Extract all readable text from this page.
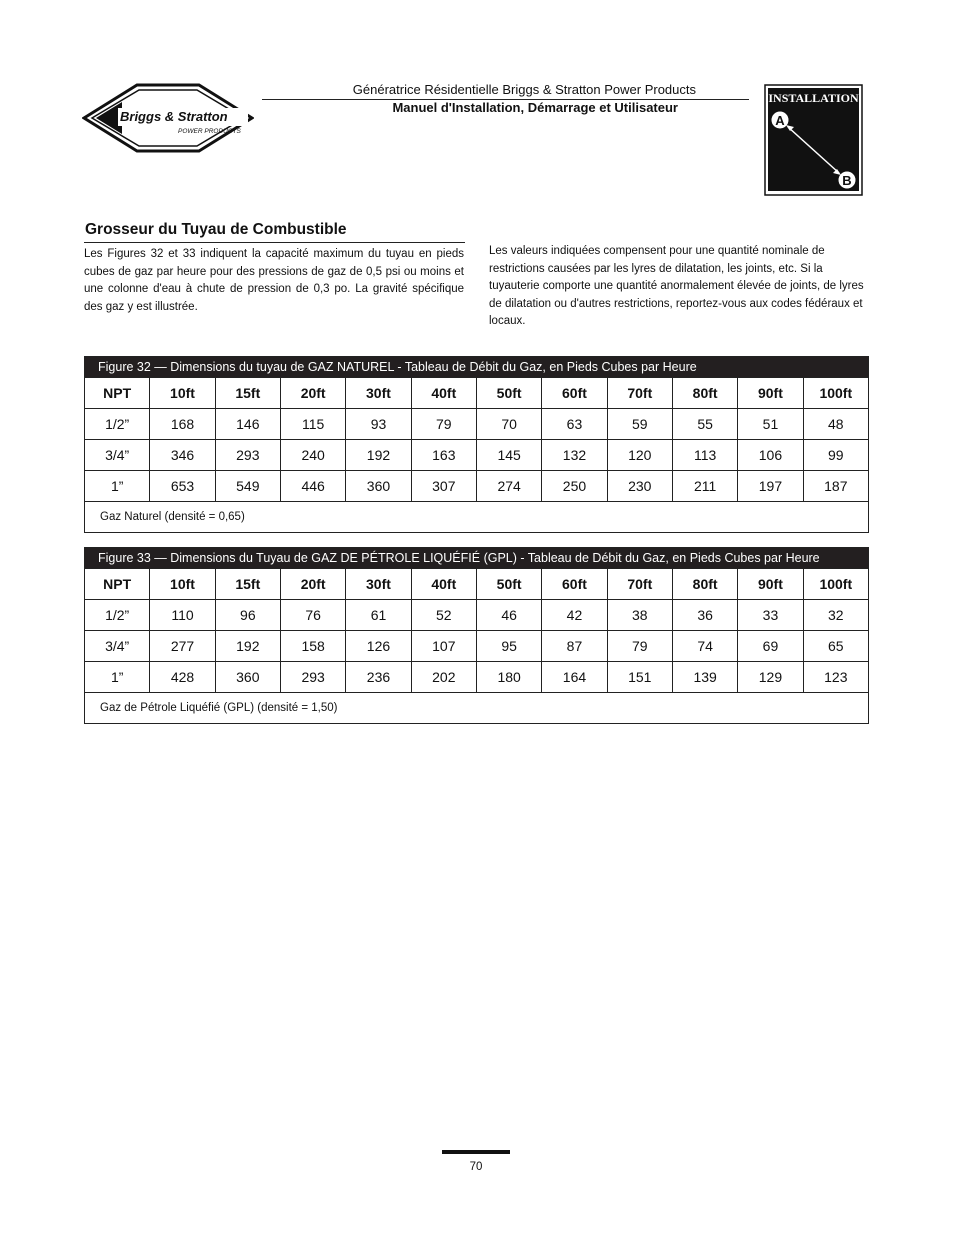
Briggs & Stratton
POWER PRODUCTS
Génératrice Résidentielle Briggs & Stratton Power Products
Manuel d'Installation, Démarrage et Utilisateur
INSTALLATION
A
B
Grosseur du Tuyau de Combustible
Les Figures 32 et 33 indiquent la capacité maximum du tuyau en pieds cubes de gaz par heure pour des pressions de gaz de 0,5 psi ou moins et une colonne d'eau à chute de pression de 0,3 po. La gravité spécifique des gaz y est illustrée.
Les valeurs indiquées compensent pour une quantité nominale de restrictions causées par les lyres de dilatation, les joints, etc. Si la tuyauterie comporte une quantité anormalement élevée de joints, de lyres de dilatation ou d'autres restrictions, reportez-vous aux codes fédéraux et locaux.
Figure 32 — Dimensions du tuyau de GAZ NATUREL - Tableau de Débit du Gaz, en Pieds Cubes par Heure											
NPT	10ft	15ft	20ft	30ft	40ft	50ft	60ft	70ft	80ft	90ft	100ft
1/2”	168	146	115	93	79	70	63	59	55	51	48
3/4”	346	293	240	192	163	145	132	120	113	106	99
1”	653	549	446	360	307	274	250	230	211	197	187
Gaz Naturel (densité = 0,65)											
Figure 33 — Dimensions du Tuyau de GAZ DE PÉTROLE LIQUÉFIÉ (GPL) - Tableau de Débit du Gaz, en Pieds Cubes par Heure											
NPT	10ft	15ft	20ft	30ft	40ft	50ft	60ft	70ft	80ft	90ft	100ft
1/2”	110	96	76	61	52	46	42	38	36	33	32
3/4”	277	192	158	126	107	95	87	79	74	69	65
1”	428	360	293	236	202	180	164	151	139	129	123
Gaz de Pétrole Liquéfié (GPL) (densité = 1,50)											
70
